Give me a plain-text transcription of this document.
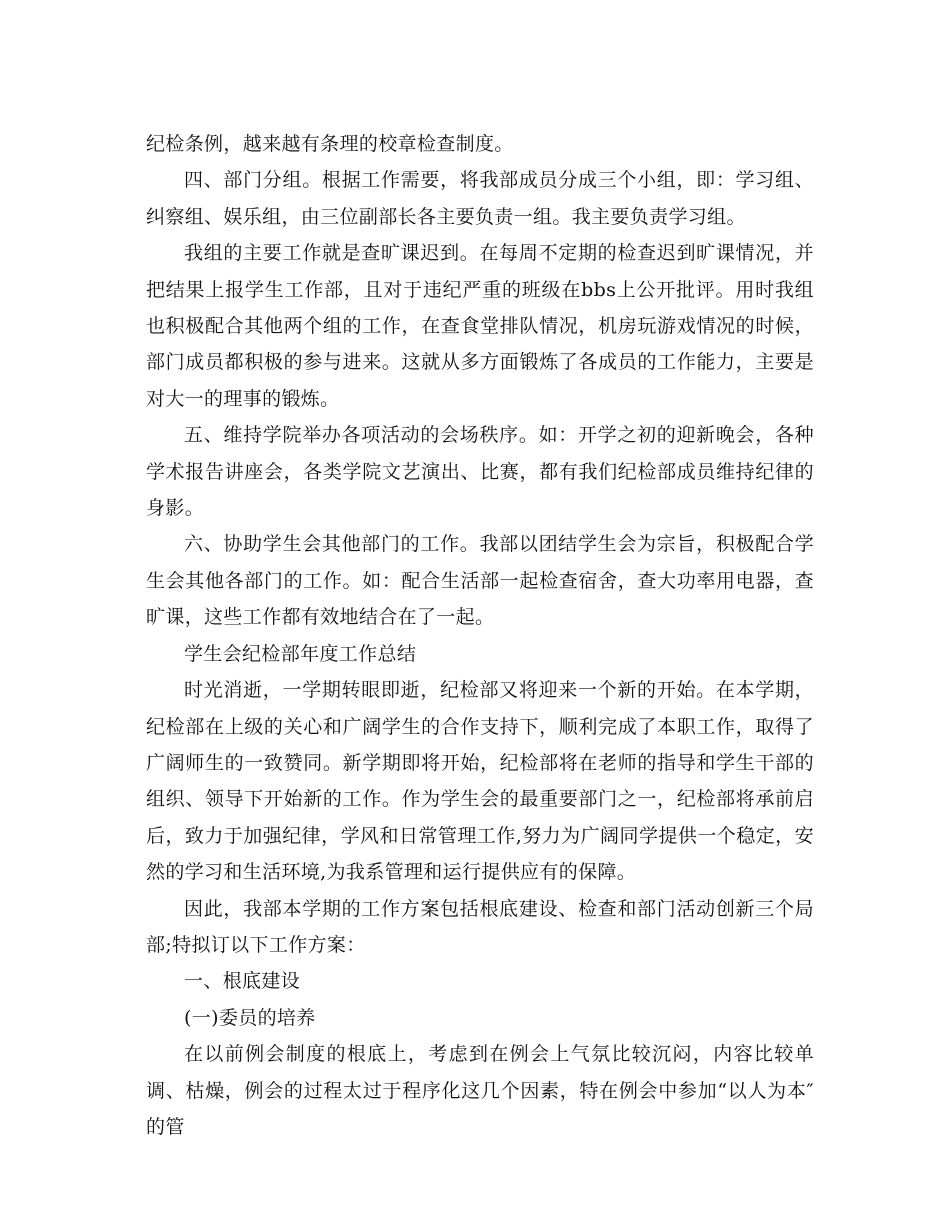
纪检条例，越来越有条理的校章检查制度。

四、部门分组。根据工作需要，将我部成员分成三个小组，即：学习组、纠察组、娱乐组，由三位副部长各主要负责一组。我主要负责学习组。

我组的主要工作就是查旷课迟到。在每周不定期的检查迟到旷课情况，并把结果上报学生工作部，且对于违纪严重的班级在bbs上公开批评。用时我组也积极配合其他两个组的工作，在查食堂排队情况，机房玩游戏情况的时候，部门成员都积极的参与进来。这就从多方面锻炼了各成员的工作能力，主要是对大一的理事的锻炼。

五、维持学院举办各项活动的会场秩序。如：开学之初的迎新晚会，各种学术报告讲座会，各类学院文艺演出、比赛，都有我们纪检部成员维持纪律的身影。

六、协助学生会其他部门的工作。我部以团结学生会为宗旨，积极配合学生会其他各部门的工作。如：配合生活部一起检查宿舍，查大功率用电器，查旷课，这些工作都有效地结合在了一起。

学生会纪检部年度工作总结

时光消逝，一学期转眼即逝，纪检部又将迎来一个新的开始。在本学期，纪检部在上级的关心和广阔学生的合作支持下，顺利完成了本职工作，取得了广阔师生的一致赞同。新学期即将开始，纪检部将在老师的指导和学生干部的组织、领导下开始新的工作。作为学生会的最重要部门之一，纪检部将承前启后，致力于加强纪律，学风和日常管理工作,努力为广阔同学提供一个稳定，安然的学习和生活环境,为我系管理和运行提供应有的保障。

因此，我部本学期的工作方案包括根底建设、检查和部门活动创新三个局部;特拟订以下工作方案：

一、根底建设

(一)委员的培养

在以前例会制度的根底上，考虑到在例会上气氛比较沉闷，内容比较单调、枯燥，例会的过程太过于程序化这几个因素，特在例会中参加“以人为本″的管
